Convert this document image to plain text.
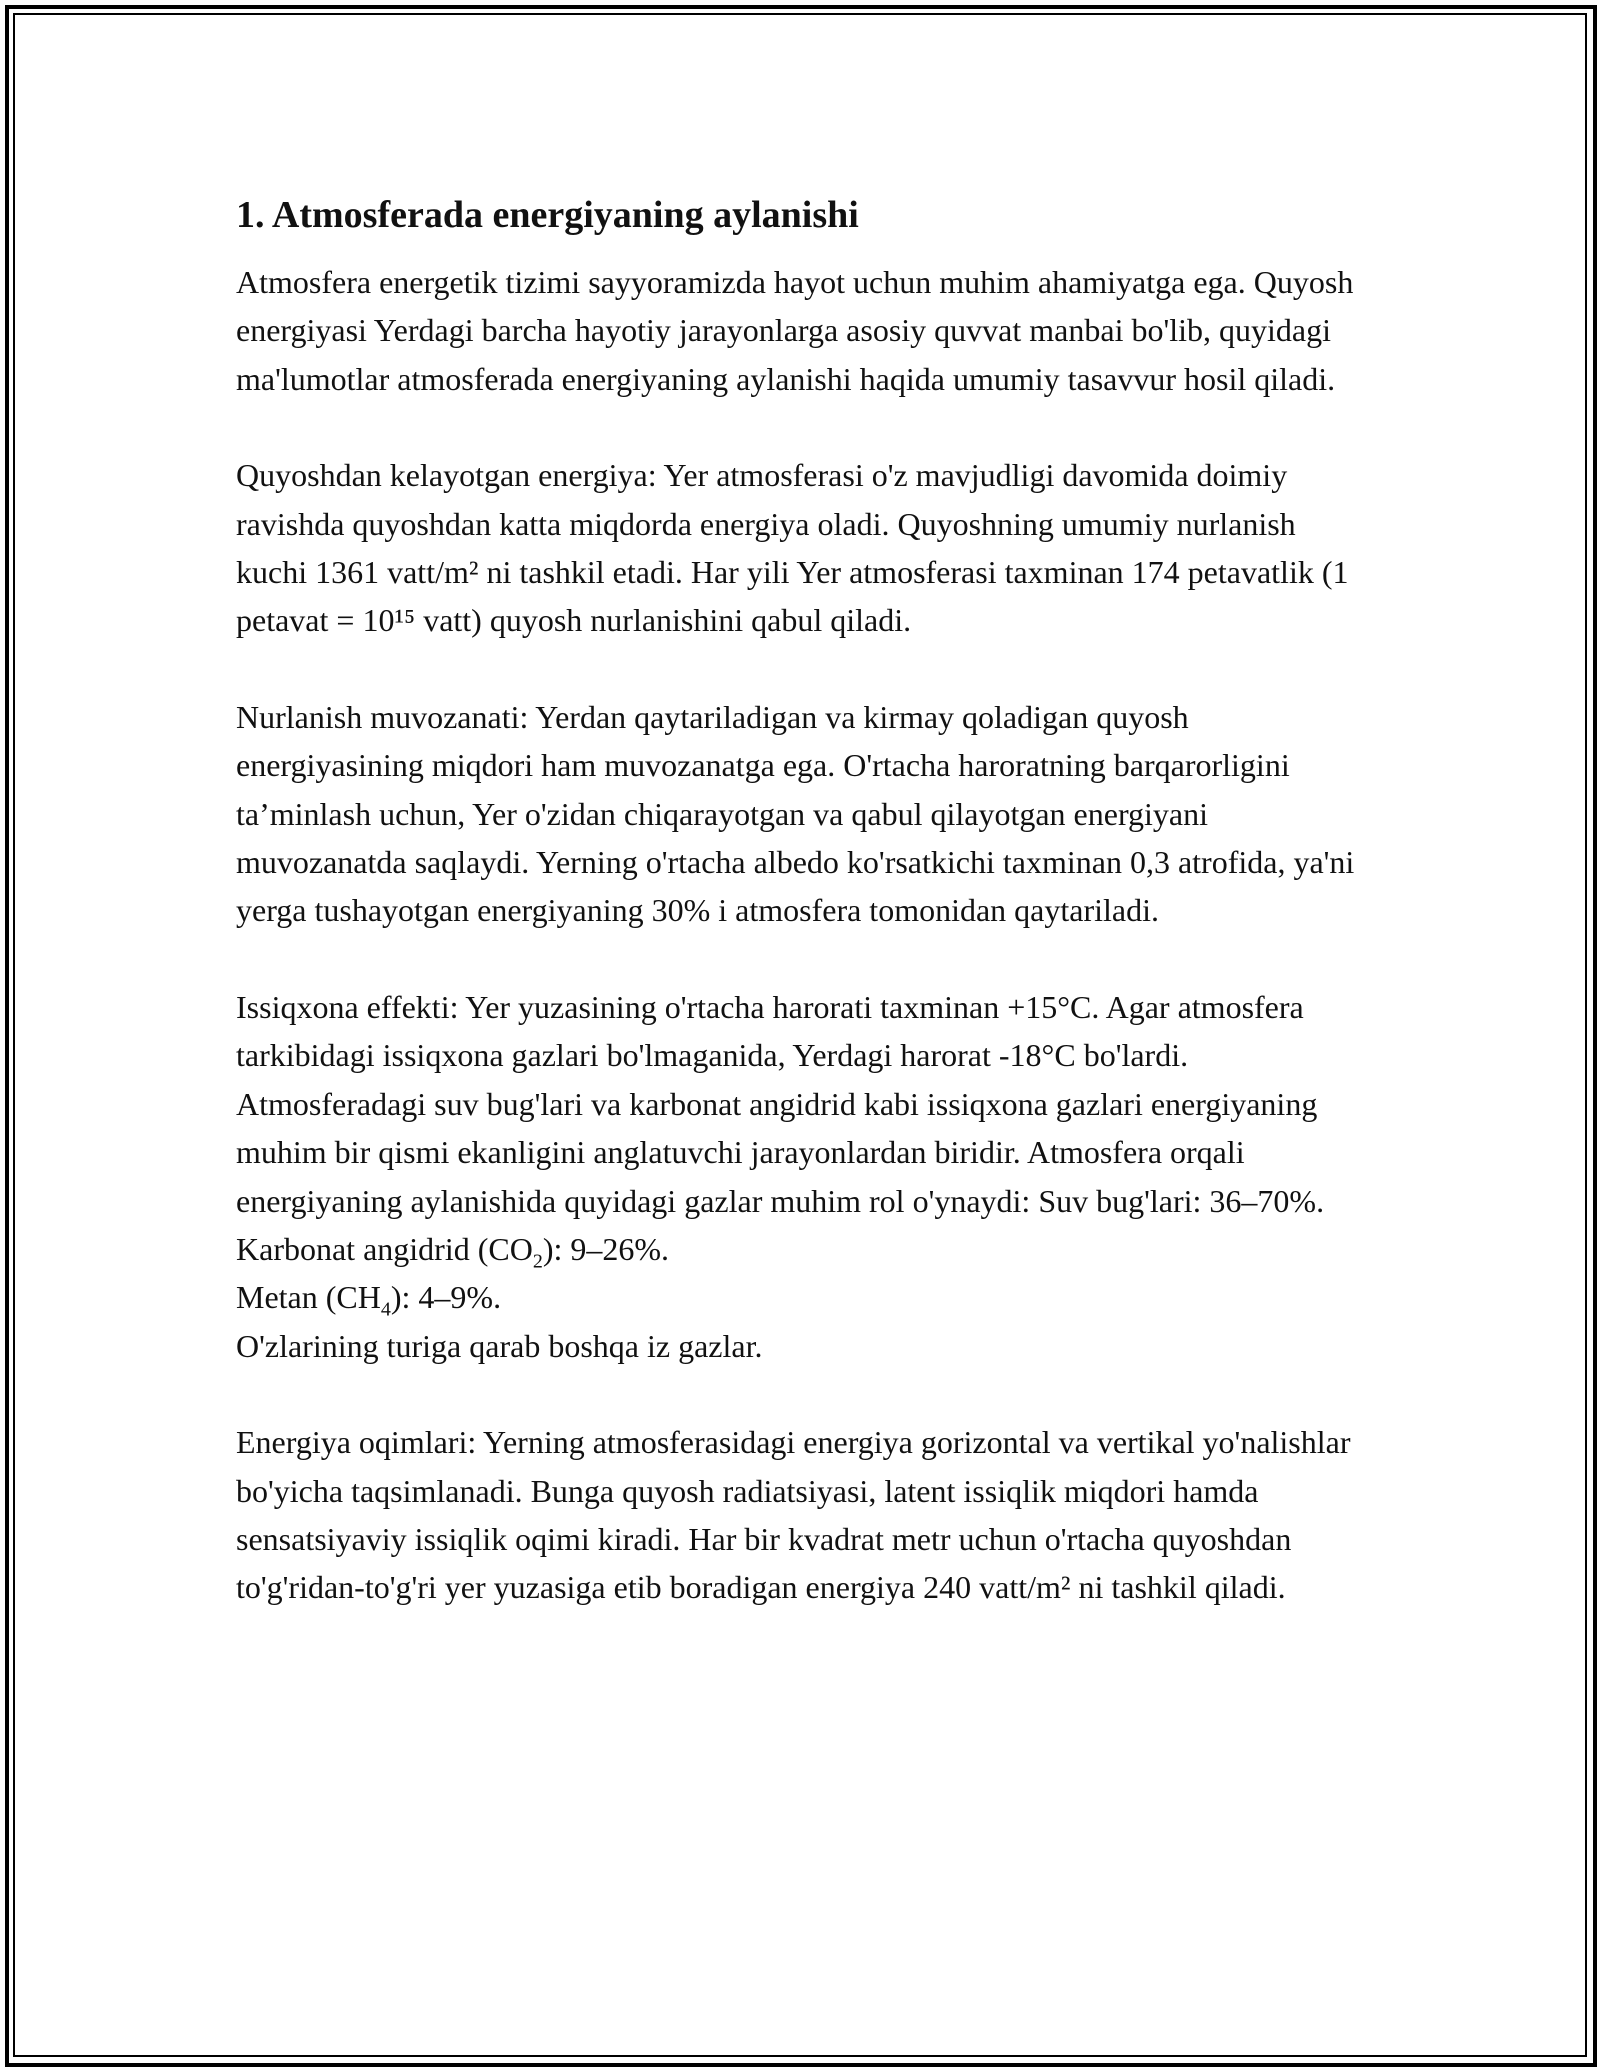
1. Atmosferada energiyaning aylanishi

Atmosfera energetik tizimi sayyoramizda hayot uchun muhim ahamiyatga ega. Quyosh energiyasi Yerdagi barcha hayotiy jarayonlarga asosiy quvvat manbai bo'lib, quyidagi ma'lumotlar atmosferada energiyaning aylanishi haqida umumiy tasavvur hosil qiladi.

Quyoshdan kelayotgan energiya: Yer atmosferasi o'z mavjudligi davomida doimiy ravishda quyoshdan katta miqdorda energiya oladi. Quyoshning umumiy nurlanish kuchi 1361 vatt/m² ni tashkil etadi. Har yili Yer atmosferasi taxminan 174 petavatlik (1 petavat = 10¹⁵ vatt) quyosh nurlanishini qabul qiladi.

Nurlanish muvozanati: Yerdan qaytariladigan va kirmay qoladigan quyosh energiyasining miqdori ham muvozanatga ega. O'rtacha haroratning barqarorligini ta’minlash uchun, Yer o'zidan chiqarayotgan va qabul qilayotgan energiyani muvozanatda saqlaydi. Yerning o'rtacha albedo ko'rsatkichi taxminan 0,3 atrofida, ya'ni yerga tushayotgan energiyaning 30% i atmosfera tomonidan qaytariladi.

Issiqxona effekti: Yer yuzasining o'rtacha harorati taxminan +15°C. Agar atmosfera tarkibidagi issiqxona gazlari bo'lmaganida, Yerdagi harorat -18°C bo'lardi. Atmosferadagi suv bug'lari va karbonat angidrid kabi issiqxona gazlari energiyaning muhim bir qismi ekanligini anglatuvchi jarayonlardan biridir. Atmosfera orqali energiyaning aylanishida quyidagi gazlar muhim rol o'ynaydi: Suv bug'lari: 36–70%.
Karbonat angidrid $(CO_2)$: 9–26%.
Metan $(CH_4)$: 4–9%.
O'zlarining turiga qarab boshqa iz gazlar.

Energiya oqimlari: Yerning atmosferasidagi energiya gorizontal va vertikal yo'nalishlar bo'yicha taqsimlanadi. Bunga quyosh radiatsiyasi, latent issiqlik miqdori hamda sensatsiyaviy issiqlik oqimi kiradi. Har bir kvadrat metr uchun o'rtacha quyoshdan to'g'ridan-to'g'ri yer yuzasiga etib boradigan energiya 240 vatt/m² ni tashkil qiladi.
